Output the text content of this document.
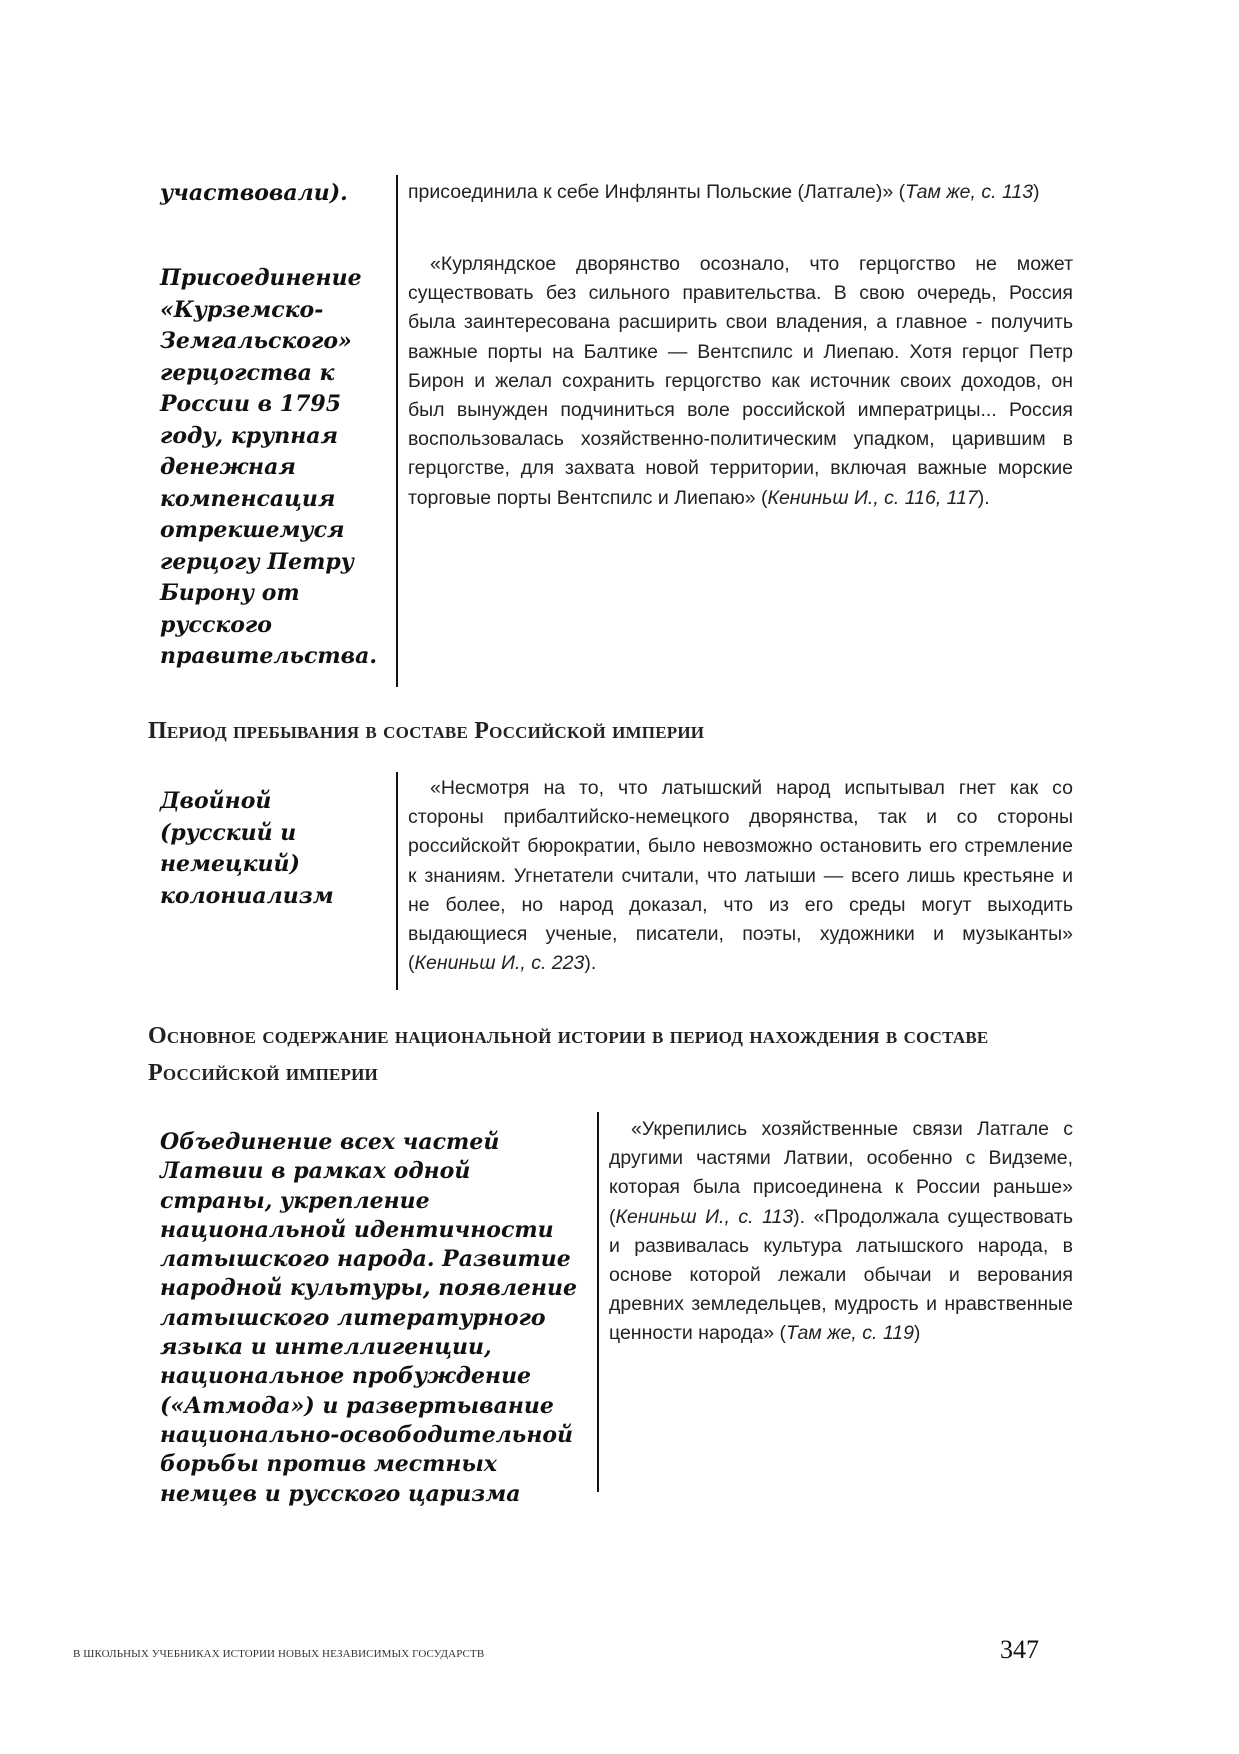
участвовали).
Присоединение «Курземско-Земгальского» герцогства к России в 1795 году, крупная денежная компенсация отрекшемуся герцогу Петру Бирону от русского правительства.

присоединила к себе Инфлянты Польские (Латгале)» (Там же, с. 113)

«Курляндское дворянство осознало, что герцогство не может существовать без сильного правительства. В свою очередь, Россия была заинтересована расширить свои владения, а главное - получить важные порты на Балтике — Вентспилс и Лиепаю. Хотя герцог Петр Бирон и желал сохранить герцогство как источник своих доходов, он был вынужден подчиниться воле российской императрицы... Россия воспользовалась хозяйственно-политическим упадком, царившим в герцогстве, для захвата новой территории, включая важные морские торговые порты Вентспилс и Лиепаю» (Кениньш И., с. 116, 117).

Период пребывания в составе Российской империи
Двойной (русский и немецкий) колониализм

«Несмотря на то, что латышский народ испытывал гнет как со стороны прибалтийско-немецкого дворянства, так и со стороны российскойт бюрократии, было невозможно остановить его стремление к знаниям. Угнетатели считали, что латыши — всего лишь крестьяне и не более, но народ доказал, что из его среды могут выходить выдающиеся ученые, писатели, поэты, художники и музыканты» (Кениньш И., с. 223).

Основное содержание национальной истории в период нахождения в составе Российской империи
Объединение всех частей Латвии в рамках одной страны, укрепление национальной идентичности латышского народа. Развитие народной культуры, появление латышского литературного языка и интеллигенции, национальное пробуждение («Атмода») и развертывание национально-освободительной борьбы против местных немцев и русского царизма

«Укрепились хозяйственные связи Латгале с другими частями Латвии, особенно с Видземе, которая была присоединена к России раньше» (Кениньш И., с. 113). «Продолжала существовать и развивалась культура латышского народа, в основе которой лежали обычаи и верования древних земледельцев, мудрость и нравственные ценности народа» (Там же, с. 119)

В ШКОЛЬНЫХ УЧЕБНИКАХ ИСТОРИИ НОВЫХ НЕЗАВИСИМЫХ ГОСУДАРСТВ	347
